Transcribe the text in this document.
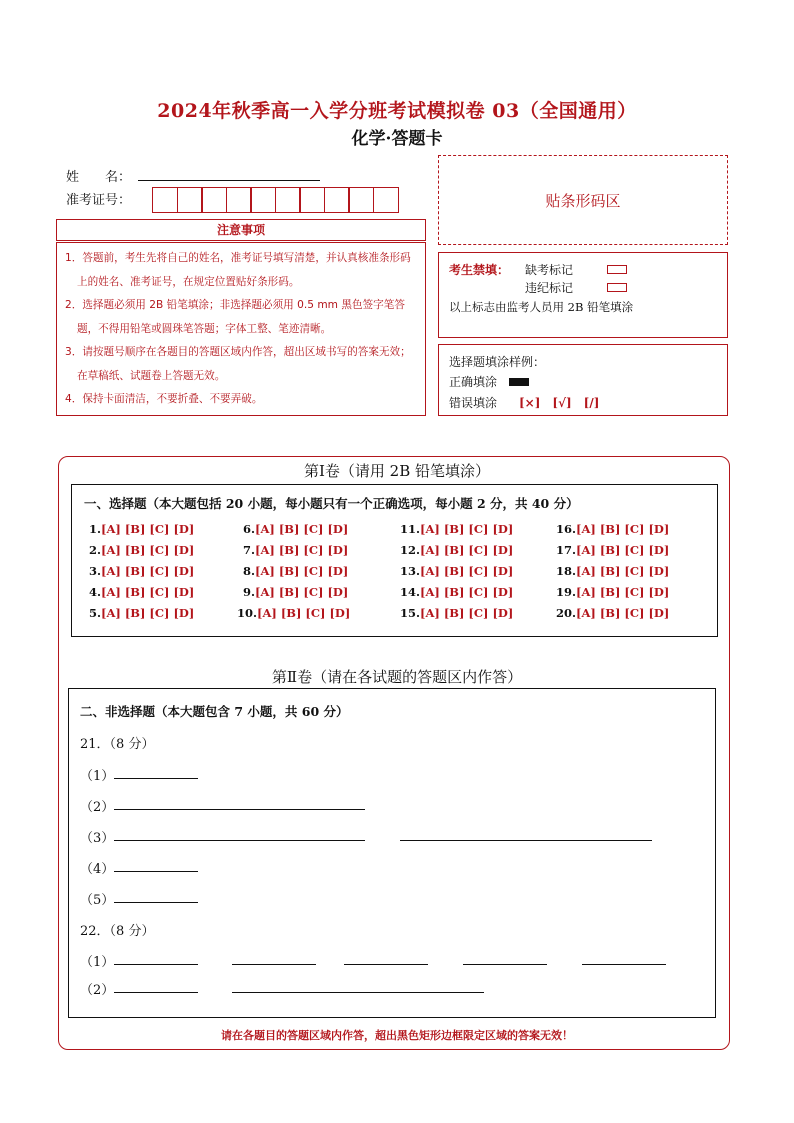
2024年秋季高一入学分班考试模拟卷 03（全国通用）
化学·答题卡
姓　　名：
准考证号：	贴条形码区
注意事项
1．答题前，考生先将自己的姓名，准考证号填写清楚，并认真核准条形码上的姓名、准考证号，在规定位置贴好条形码。
2．选择题必须用 2B 铅笔填涂；非选择题必须用 0.5 mm 黑色签字笔答题，不得用铅笔或圆珠笔答题；字体工整、笔迹清晰。
3．请按题号顺序在各题目的答题区域内作答，超出区域书写的答案无效；在草稿纸、试题卷上答题无效。
4．保持卡面清洁，不要折叠、不要弄破。
考生禁填： 缺考标记
违纪标记
以上标志由监考人员用 2B 铅笔填涂
选择题填涂样例：
正确填涂
错误填涂 [×]　[√]　[/]
第Ⅰ卷（请用 2B 铅笔填涂）
一、选择题（本大题包括 20 小题，每小题只有一个正确选项，每小题 2 分，共 40 分）
1.[A] [B] [C] [D]
2.[A] [B] [C] [D]
3.[A] [B] [C] [D]
4.[A] [B] [C] [D]
5.[A] [B] [C] [D]
6.[A] [B] [C] [D]
7.[A] [B] [C] [D]
8.[A] [B] [C] [D]
9.[A] [B] [C] [D]
10.[A] [B] [C] [D]
11.[A] [B] [C] [D]
12.[A] [B] [C] [D]
13.[A] [B] [C] [D]
14.[A] [B] [C] [D]
15.[A] [B] [C] [D]
16.[A] [B] [C] [D]
17.[A] [B] [C] [D]
18.[A] [B] [C] [D]
19.[A] [B] [C] [D]
20.[A] [B] [C] [D]
第Ⅱ卷（请在各试题的答题区内作答）
二、非选择题（本大题包含 7 小题，共 60 分）
21．（8 分）
（1）
（2）
（3）
（4）
（5）
22．（8 分）
（1）
（2）
请在各题目的答题区域内作答，超出黑色矩形边框限定区域的答案无效！
